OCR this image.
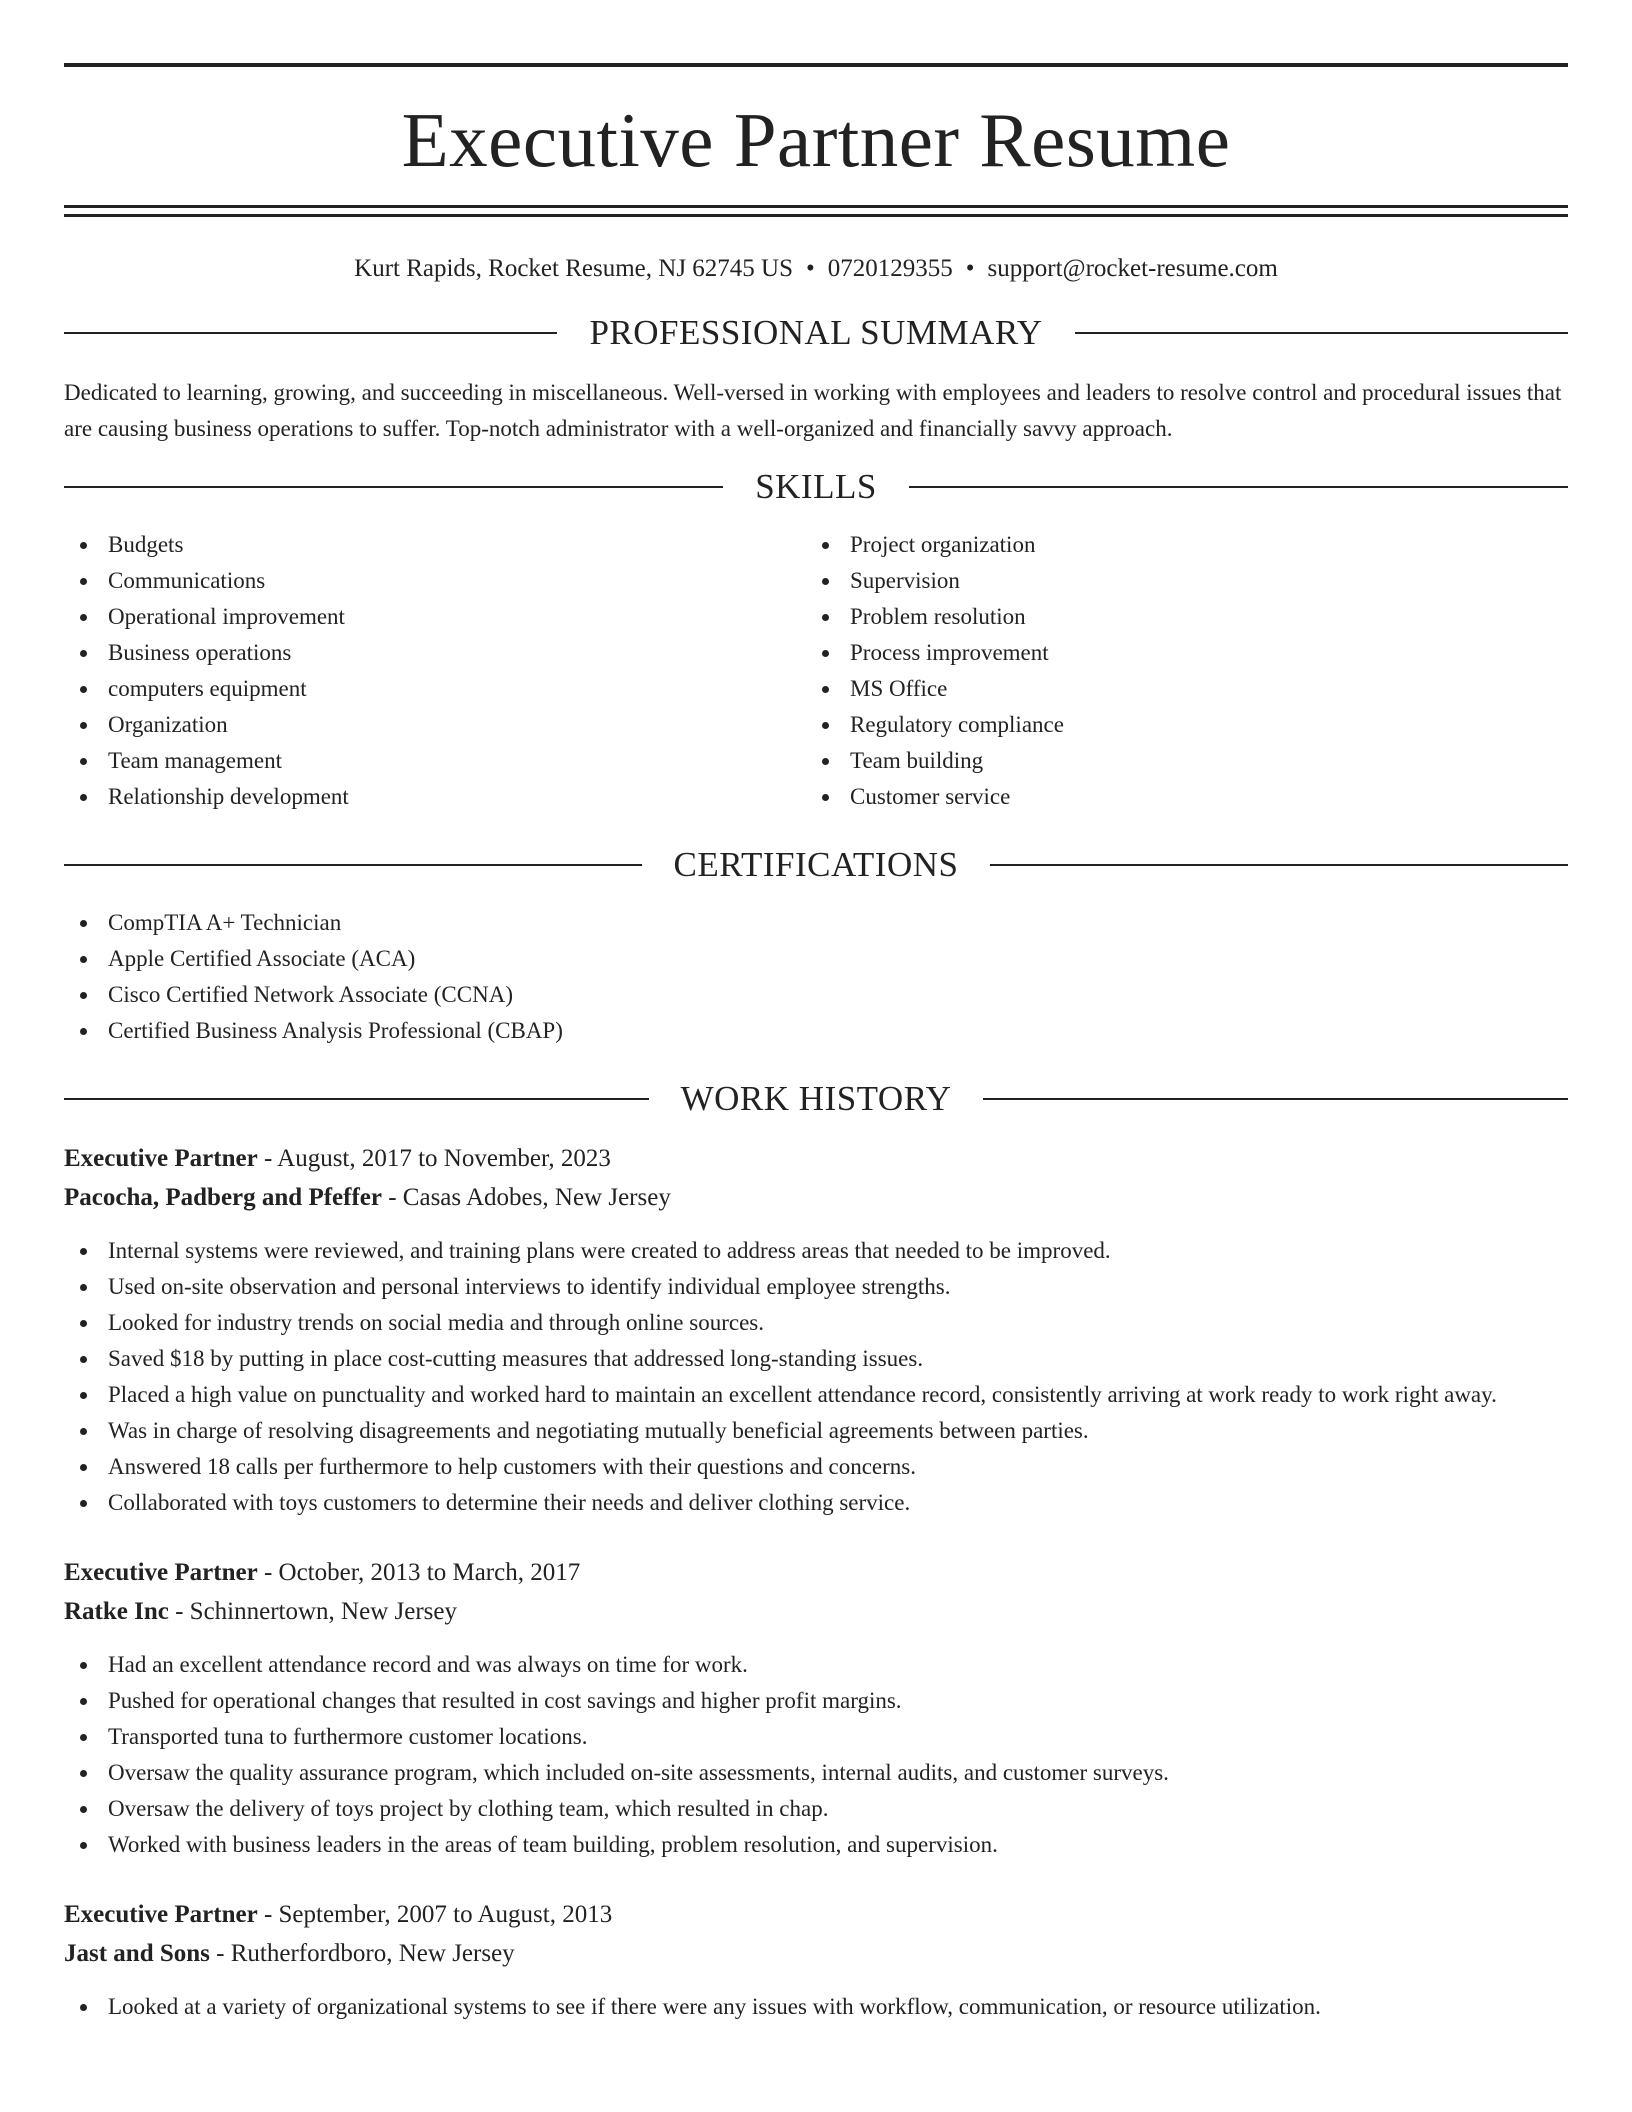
Executive Partner Resume
Kurt Rapids, Rocket Resume, NJ 62745 US • 0720129355 • support@rocket-resume.com
PROFESSIONAL SUMMARY

Dedicated to learning, growing, and succeeding in miscellaneous. Well-versed in working with employees and leaders to resolve control and procedural issues that are causing business operations to suffer. Top-notch administrator with a well-organized and financially savvy approach.

SKILLS
Budgets
Communications
Operational improvement
Business operations
computers equipment
Organization
Team management
Relationship development
Project organization
Supervision
Problem resolution
Process improvement
MS Office
Regulatory compliance
Team building
Customer service
CERTIFICATIONS
CompTIA A+ Technician
Apple Certified Associate (ACA)
Cisco Certified Network Associate (CCNA)
Certified Business Analysis Professional (CBAP)
WORK HISTORY
Executive Partner - August, 2017 to November, 2023
Pacocha, Padberg and Pfeffer - Casas Adobes, New Jersey
Internal systems were reviewed, and training plans were created to address areas that needed to be improved.
Used on-site observation and personal interviews to identify individual employee strengths.
Looked for industry trends on social media and through online sources.
Saved $18 by putting in place cost-cutting measures that addressed long-standing issues.
Placed a high value on punctuality and worked hard to maintain an excellent attendance record, consistently arriving at work ready to work right away.
Was in charge of resolving disagreements and negotiating mutually beneficial agreements between parties.
Answered 18 calls per furthermore to help customers with their questions and concerns.
Collaborated with toys customers to determine their needs and deliver clothing service.
Executive Partner - October, 2013 to March, 2017
Ratke Inc - Schinnertown, New Jersey
Had an excellent attendance record and was always on time for work.
Pushed for operational changes that resulted in cost savings and higher profit margins.
Transported tuna to furthermore customer locations.
Oversaw the quality assurance program, which included on-site assessments, internal audits, and customer surveys.
Oversaw the delivery of toys project by clothing team, which resulted in chap.
Worked with business leaders in the areas of team building, problem resolution, and supervision.
Executive Partner - September, 2007 to August, 2013
Jast and Sons - Rutherfordboro, New Jersey
Looked at a variety of organizational systems to see if there were any issues with workflow, communication, or resource utilization.
